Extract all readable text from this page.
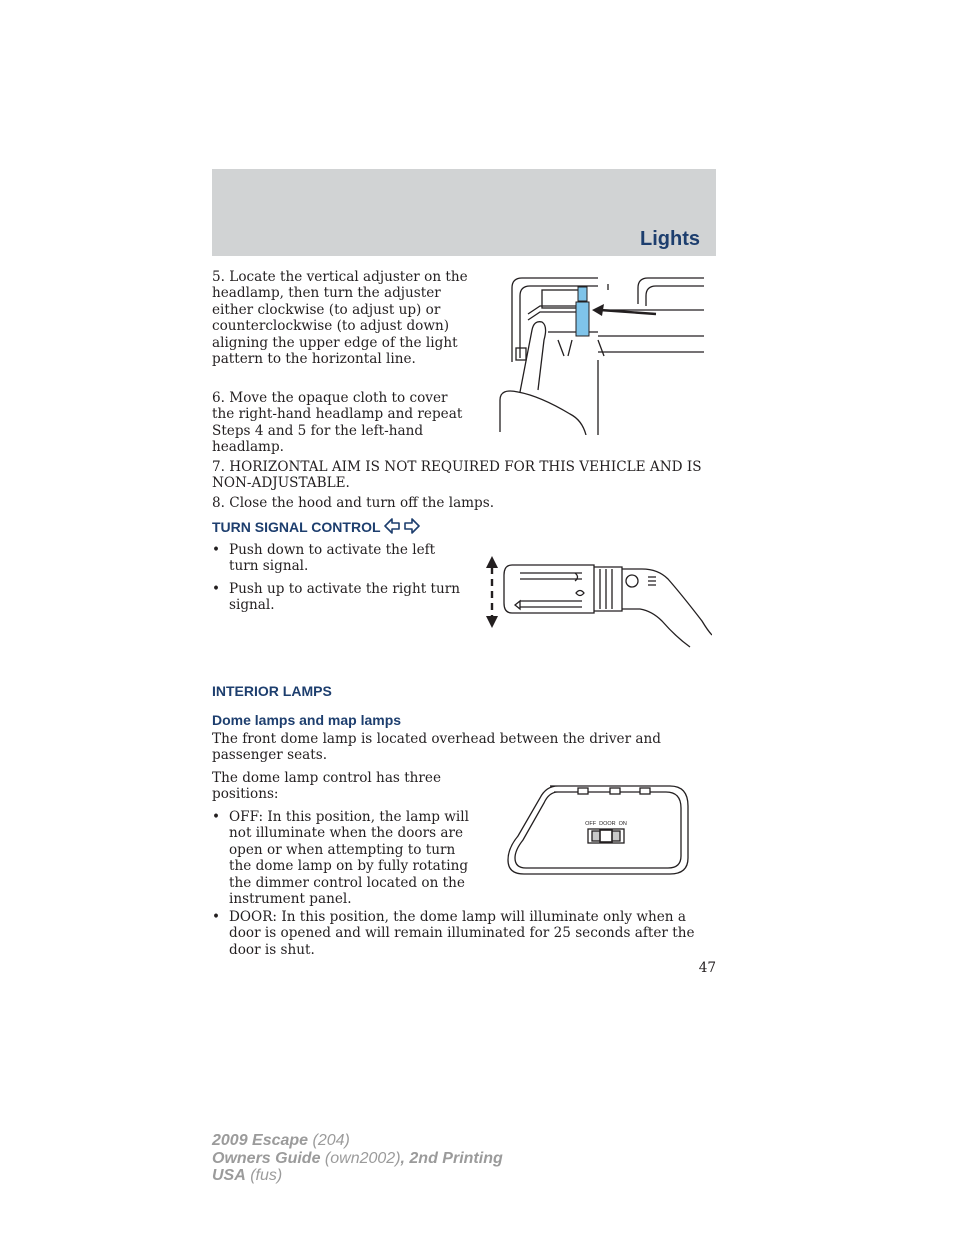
Lights

5. Locate the vertical adjuster on the headlamp, then turn the adjuster either clockwise (to adjust up) or counterclockwise (to adjust down) aligning the upper edge of the light pattern to the horizontal line.

6. Move the opaque cloth to cover the right-hand headlamp and repeat Steps 4 and 5 for the left-hand headlamp.

7. HORIZONTAL AIM IS NOT REQUIRED FOR THIS VEHICLE AND IS NON-ADJUSTABLE.

8. Close the hood and turn off the lamps.

TURN SIGNAL CONTROL
• Push down to activate the left turn signal.
• Push up to activate the right turn signal.
INTERIOR LAMPS
Dome lamps and map lamps

The front dome lamp is located overhead between the driver and passenger seats.

The dome lamp control has three positions:

• OFF: In this position, the lamp will not illuminate when the doors are open or when attempting to turn the dome lamp on by fully rotating the dimmer control located on the instrument panel.
• DOOR: In this position, the dome lamp will illuminate only when a door is opened and will remain illuminated for 25 seconds after the door is shut.
OFF DOOR ON
47
2009 Escape (204)
Owners Guide (own2002), 2nd Printing
USA (fus)
